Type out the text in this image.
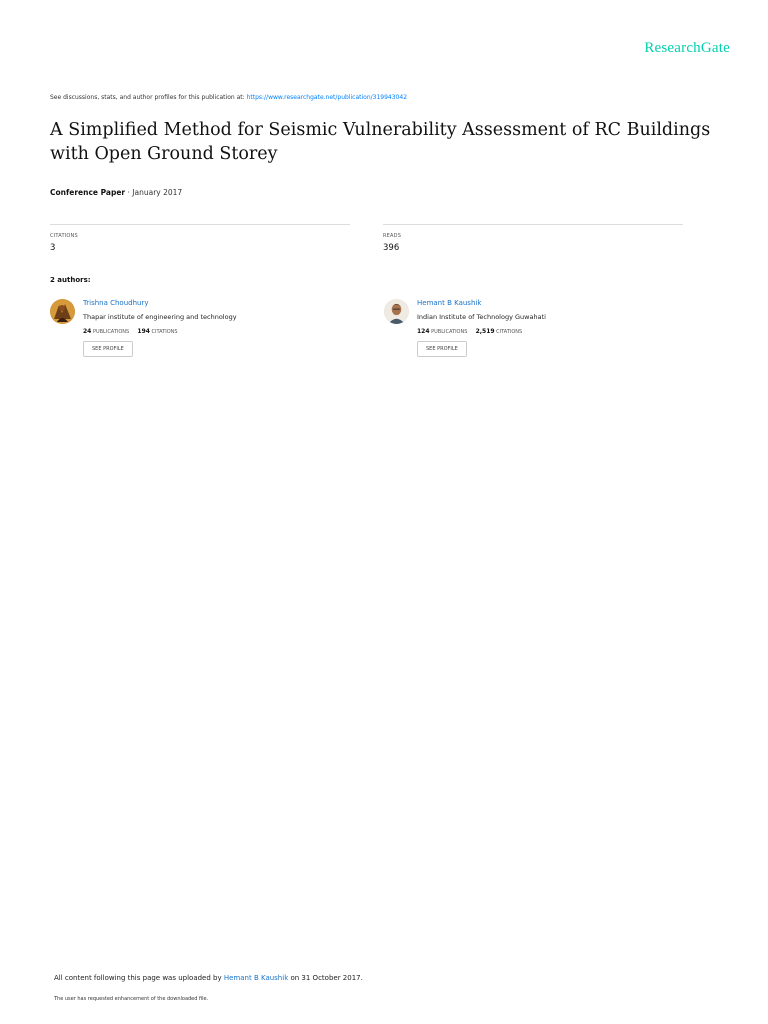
ResearchGate
See discussions, stats, and author profiles for this publication at: https://www.researchgate.net/publication/319943042
A Simplified Method for Seismic Vulnerability Assessment of RC Buildings with Open Ground Storey
Conference Paper · January 2017
CITATIONS
3
READS
396
2 authors:
Trishna Choudhury
Thapar institute of engineering and technology
24 PUBLICATIONS 194 CITATIONS
SEE PROFILE
Hemant B Kaushik
Indian Institute of Technology Guwahati
124 PUBLICATIONS 2,519 CITATIONS
SEE PROFILE
All content following this page was uploaded by Hemant B Kaushik on 31 October 2017.
The user has requested enhancement of the downloaded file.
